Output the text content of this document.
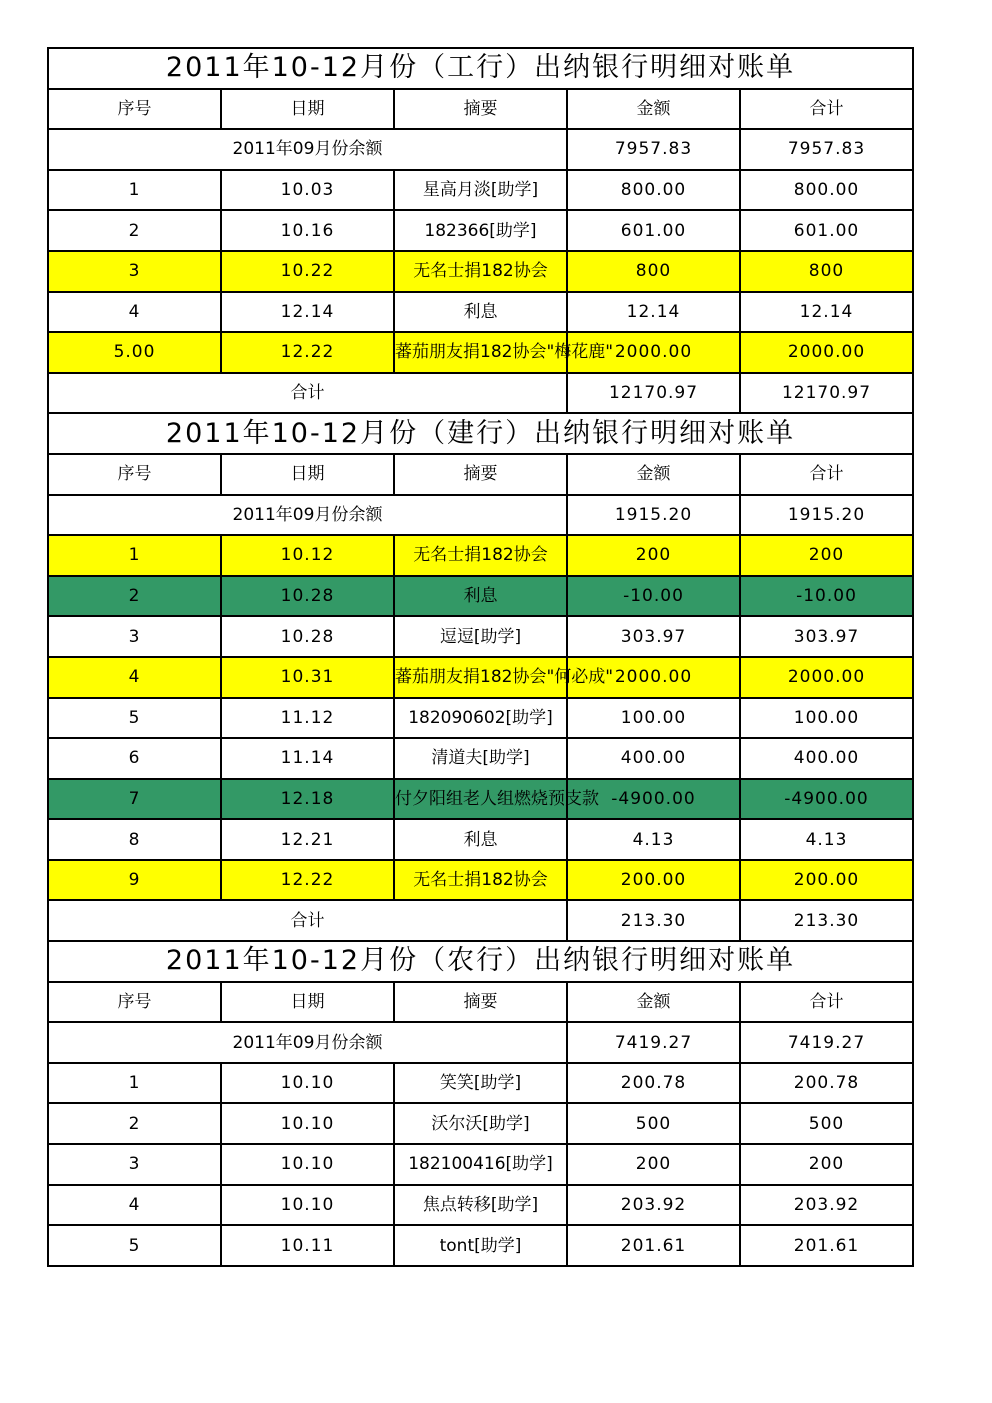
2011年10-12月份（工行）出纳银行明细对账单				
序号	日期	摘要	金额	合计
2011年09月份余额			7957.83	7957.83
1	10.03	星高月淡[助学]	800.00	800.00
2	10.16	182366[助学]	601.00	601.00
3	10.22	无名士捐182协会	800	800
4	12.14	利息	12.14	12.14
5.00	12.22	蕃茄朋友捐182协会"梅花鹿"	2000.00	2000.00
合计			12170.97	12170.97
2011年10-12月份（建行）出纳银行明细对账单				
序号	日期	摘要	金额	合计
2011年09月份余额			1915.20	1915.20
1	10.12	无名士捐182协会	200	200
2	10.28	利息	-10.00	-10.00
3	10.28	逗逗[助学]	303.97	303.97
4	10.31	蕃茄朋友捐182协会"何必成"	2000.00	2000.00
5	11.12	182090602[助学]	100.00	100.00
6	11.14	清道夫[助学]	400.00	400.00
7	12.18	付夕阳组老人组燃烧预支款	-4900.00	-4900.00
8	12.21	利息	4.13	4.13
9	12.22	无名士捐182协会	200.00	200.00
合计			213.30	213.30
2011年10-12月份（农行）出纳银行明细对账单				
序号	日期	摘要	金额	合计
2011年09月份余额			7419.27	7419.27
1	10.10	笑笑[助学]	200.78	200.78
2	10.10	沃尔沃[助学]	500	500
3	10.10	182100416[助学]	200	200
4	10.10	焦点转移[助学]	203.92	203.92
5	10.11	tont[助学]	201.61	201.61
